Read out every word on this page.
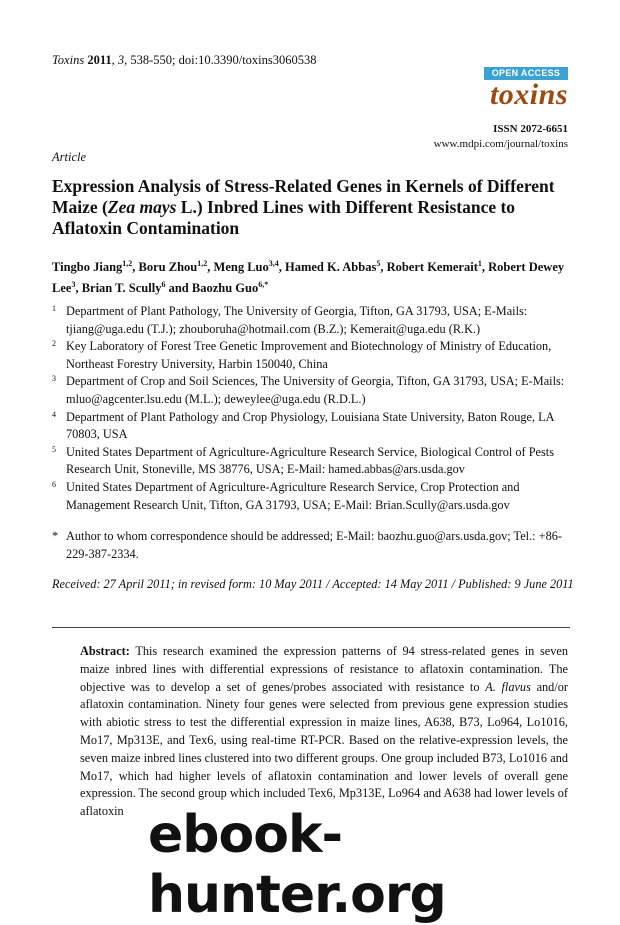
Toxins 2011, 3, 538-550; doi:10.3390/toxins3060538
OPEN ACCESS
toxins
ISSN 2072-6651
www.mdpi.com/journal/toxins
Article
Expression Analysis of Stress-Related Genes in Kernels of Different Maize (Zea mays L.) Inbred Lines with Different Resistance to Aflatoxin Contamination
Tingbo Jiang$^{1,2}$, Boru Zhou$^{1,2}$, Meng Luo$^{3,4}$, Hamed K. Abbas$^5$, Robert Kemerait$^1$, Robert Dewey Lee$^3$, Brian T. Scully$^6$ and Baozhu Guo$^{6,*}$
1 Department of Plant Pathology, The University of Georgia, Tifton, GA 31793, USA; E-Mails: tjiang@uga.edu (T.J.); zhouboruha@hotmail.com (B.Z.); Kemerait@uga.edu (R.K.)
2 Key Laboratory of Forest Tree Genetic Improvement and Biotechnology of Ministry of Education, Northeast Forestry University, Harbin 150040, China
3 Department of Crop and Soil Sciences, The University of Georgia, Tifton, GA 31793, USA; E-Mails: mluo@agcenter.lsu.edu (M.L.); deweylee@uga.edu (R.D.L.)
4 Department of Plant Pathology and Crop Physiology, Louisiana State University, Baton Rouge, LA 70803, USA
5 United States Department of Agriculture-Agriculture Research Service, Biological Control of Pests Research Unit, Stoneville, MS 38776, USA; E-Mail: hamed.abbas@ars.usda.gov
6 United States Department of Agriculture-Agriculture Research Service, Crop Protection and Management Research Unit, Tifton, GA 31793, USA; E-Mail: Brian.Scully@ars.usda.gov
* Author to whom correspondence should be addressed; E-Mail: baozhu.guo@ars.usda.gov; Tel.: +86-229-387-2334.
Received: 27 April 2011; in revised form: 10 May 2011 / Accepted: 14 May 2011 / Published: 9 June 2011
Abstract: This research examined the expression patterns of 94 stress-related genes in seven maize inbred lines with differential expressions of resistance to aflatoxin contamination. The objective was to develop a set of genes/probes associated with resistance to A. flavus and/or aflatoxin contamination. Ninety four genes were selected from previous gene expression studies with abiotic stress to test the differential expression in maize lines, A638, B73, Lo964, Lo1016, Mo17, Mp313E, and Tex6, using real-time RT-PCR. Based on the relative-expression levels, the seven maize inbred lines clustered into two different groups. One group included B73, Lo1016 and Mo17, which had higher levels of aflatoxin contamination and lower levels of overall gene expression. The second group which included Tex6, Mp313E, Lo964 and A638 had lower levels of aflatoxin ebook-hunter.org
